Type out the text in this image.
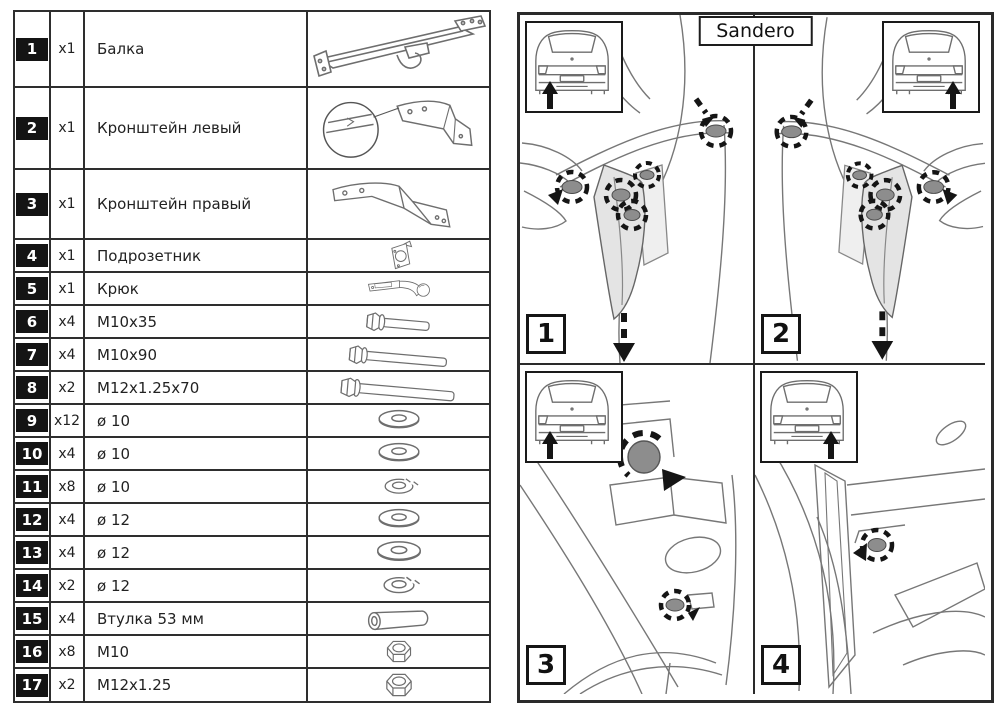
1	x1	Балка	

2	x1	Кронштейн левый	

3	x1	Кронштейн правый	

4	x1	Подрозетник	

5	x1	Крюк	

6	x4	M10x35	

7	x4	M10x90	

8	x2	M12x1.25x70	

9	x12	ø 10	

10	x4	ø 10	

11	x8	ø 10	

12	x4	ø 12	

13	x4	ø 12	

14	x2	ø 12	

15	x4	Втулка 53 мм	

16	x8	M10	

17	x2	M12x1.25	
Sandero
1	2
3	4
